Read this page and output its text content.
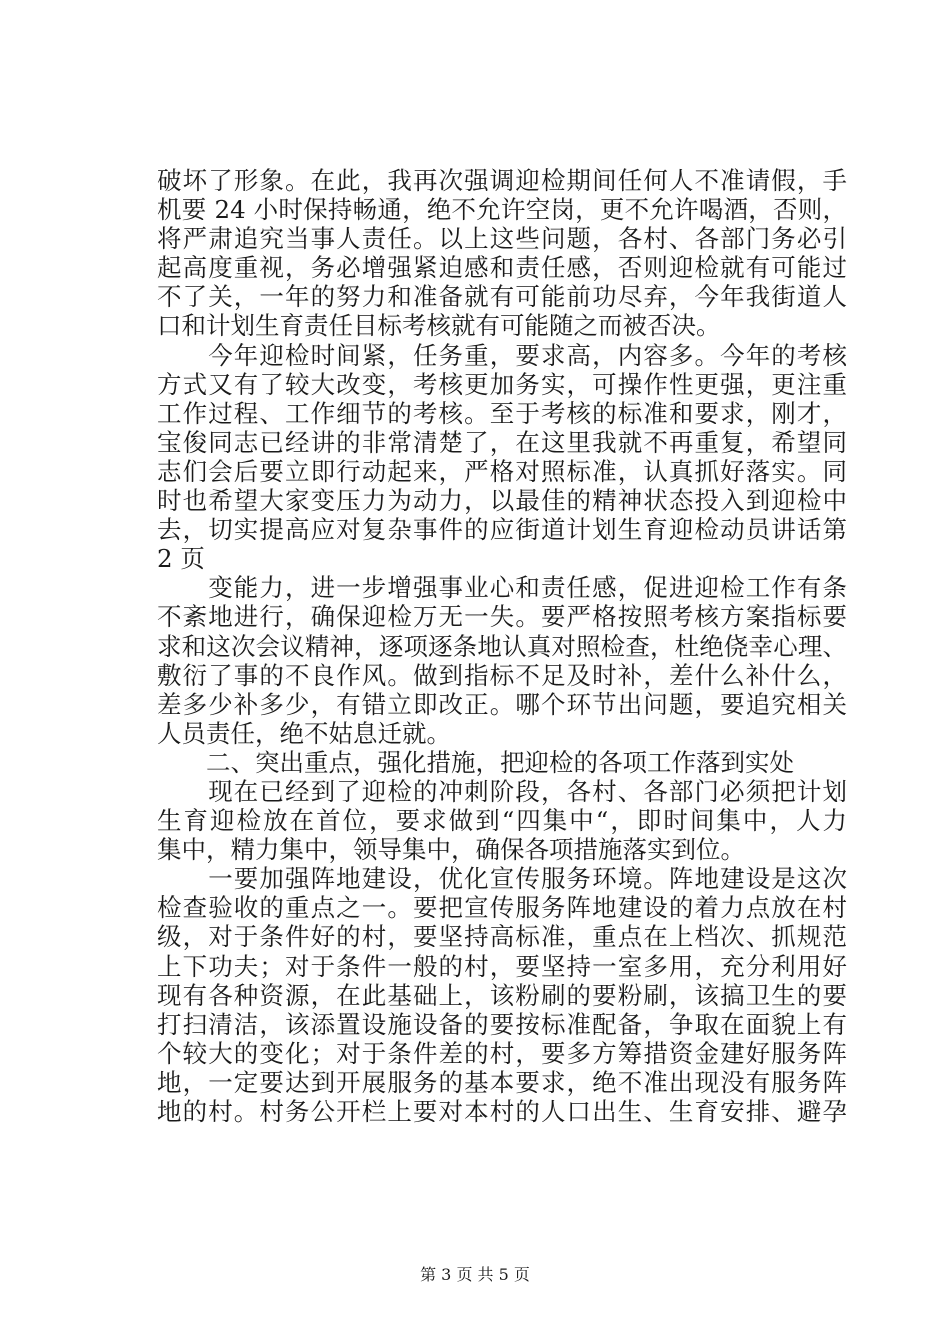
破坏了形象。在此，我再次强调迎检期间任何人不准请假，手
机要 24 小时保持畅通，绝不允许空岗，更不允许喝酒，否则，
将严肃追究当事人责任。以上这些问题，各村、各部门务必引
起高度重视，务必增强紧迫感和责任感，否则迎检就有可能过
不了关，一年的努力和准备就有可能前功尽弃，今年我街道人
口和计划生育责任目标考核就有可能随之而被否决。
　　今年迎检时间紧，任务重，要求高，内容多。今年的考核
方式又有了较大改变，考核更加务实，可操作性更强，更注重
工作过程、工作细节的考核。至于考核的标准和要求，刚才，
宝俊同志已经讲的非常清楚了，在这里我就不再重复，希望同
志们会后要立即行动起来，严格对照标准，认真抓好落实。同
时也希望大家变压力为动力，以最佳的精神状态投入到迎检中
去，切实提高应对复杂事件的应街道计划生育迎检动员讲话第
2 页
　　变能力，进一步增强事业心和责任感，促进迎检工作有条
不紊地进行，确保迎检万无一失。要严格按照考核方案指标要
求和这次会议精神，逐项逐条地认真对照检查，杜绝侥幸心理、
敷衍了事的不良作风。做到指标不足及时补，差什么补什么，
差多少补多少，有错立即改正。哪个环节出问题，要追究相关
人员责任，绝不姑息迁就。
　　二、突出重点，强化措施，把迎检的各项工作落到实处
　　现在已经到了迎检的冲刺阶段，各村、各部门必须把计划
生育迎检放在首位，要求做到“四集中“，即时间集中，人力
集中，精力集中，领导集中，确保各项措施落实到位。
　　一要加强阵地建设，优化宣传服务环境。阵地建设是这次
检查验收的重点之一。要把宣传服务阵地建设的着力点放在村
级，对于条件好的村，要坚持高标准，重点在上档次、抓规范
上下功夫；对于条件一般的村，要坚持一室多用，充分利用好
现有各种资源，在此基础上，该粉刷的要粉刷，该搞卫生的要
打扫清洁，该添置设施设备的要按标准配备，争取在面貌上有
个较大的变化；对于条件差的村，要多方筹措资金建好服务阵
地，一定要达到开展服务的基本要求，绝不准出现没有服务阵
地的村。村务公开栏上要对本村的人口出生、生育安排、避孕
第 3 页 共 5 页
